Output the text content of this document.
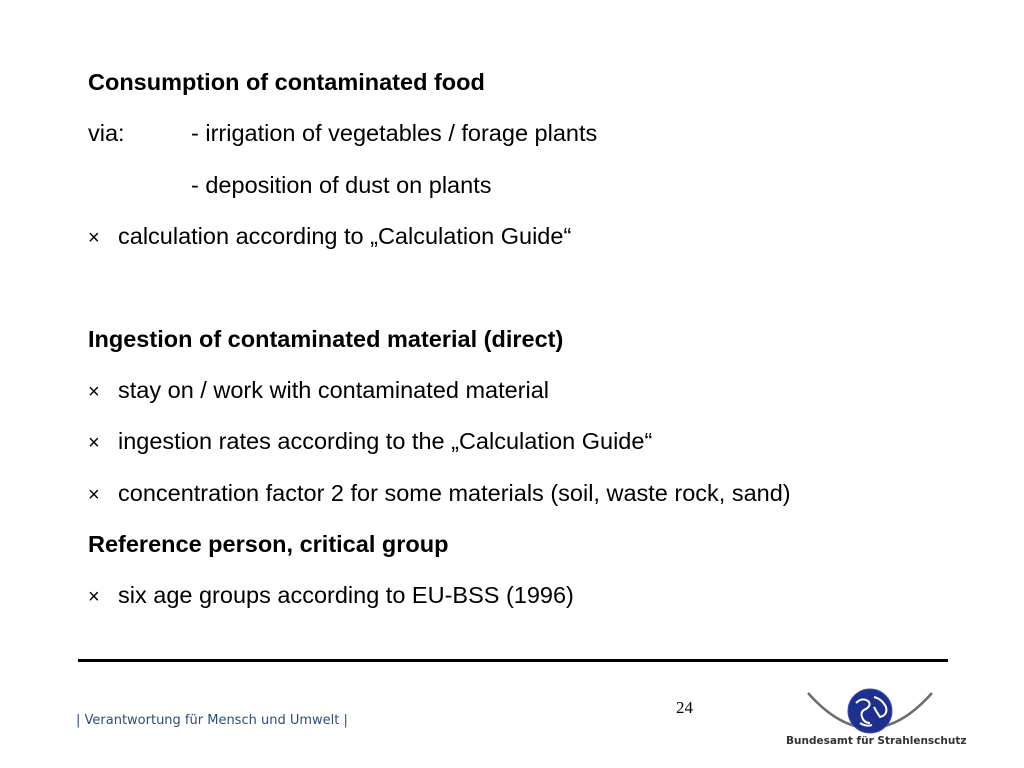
Consumption of contaminated food
via:	- irrigation of vegetables / forage plants
- deposition of dust on plants
× calculation according to „Calculation Guide“
Ingestion of contaminated material (direct)
× stay on / work with contaminated material
× ingestion rates according to the „Calculation Guide“
× concentration factor 2 for some materials (soil, waste rock, sand)
Reference person, critical group
× six age groups according to EU-BSS (1996)
24
| Verantwortung für Mensch und Umwelt |
Bundesamt für Strahlenschutz
